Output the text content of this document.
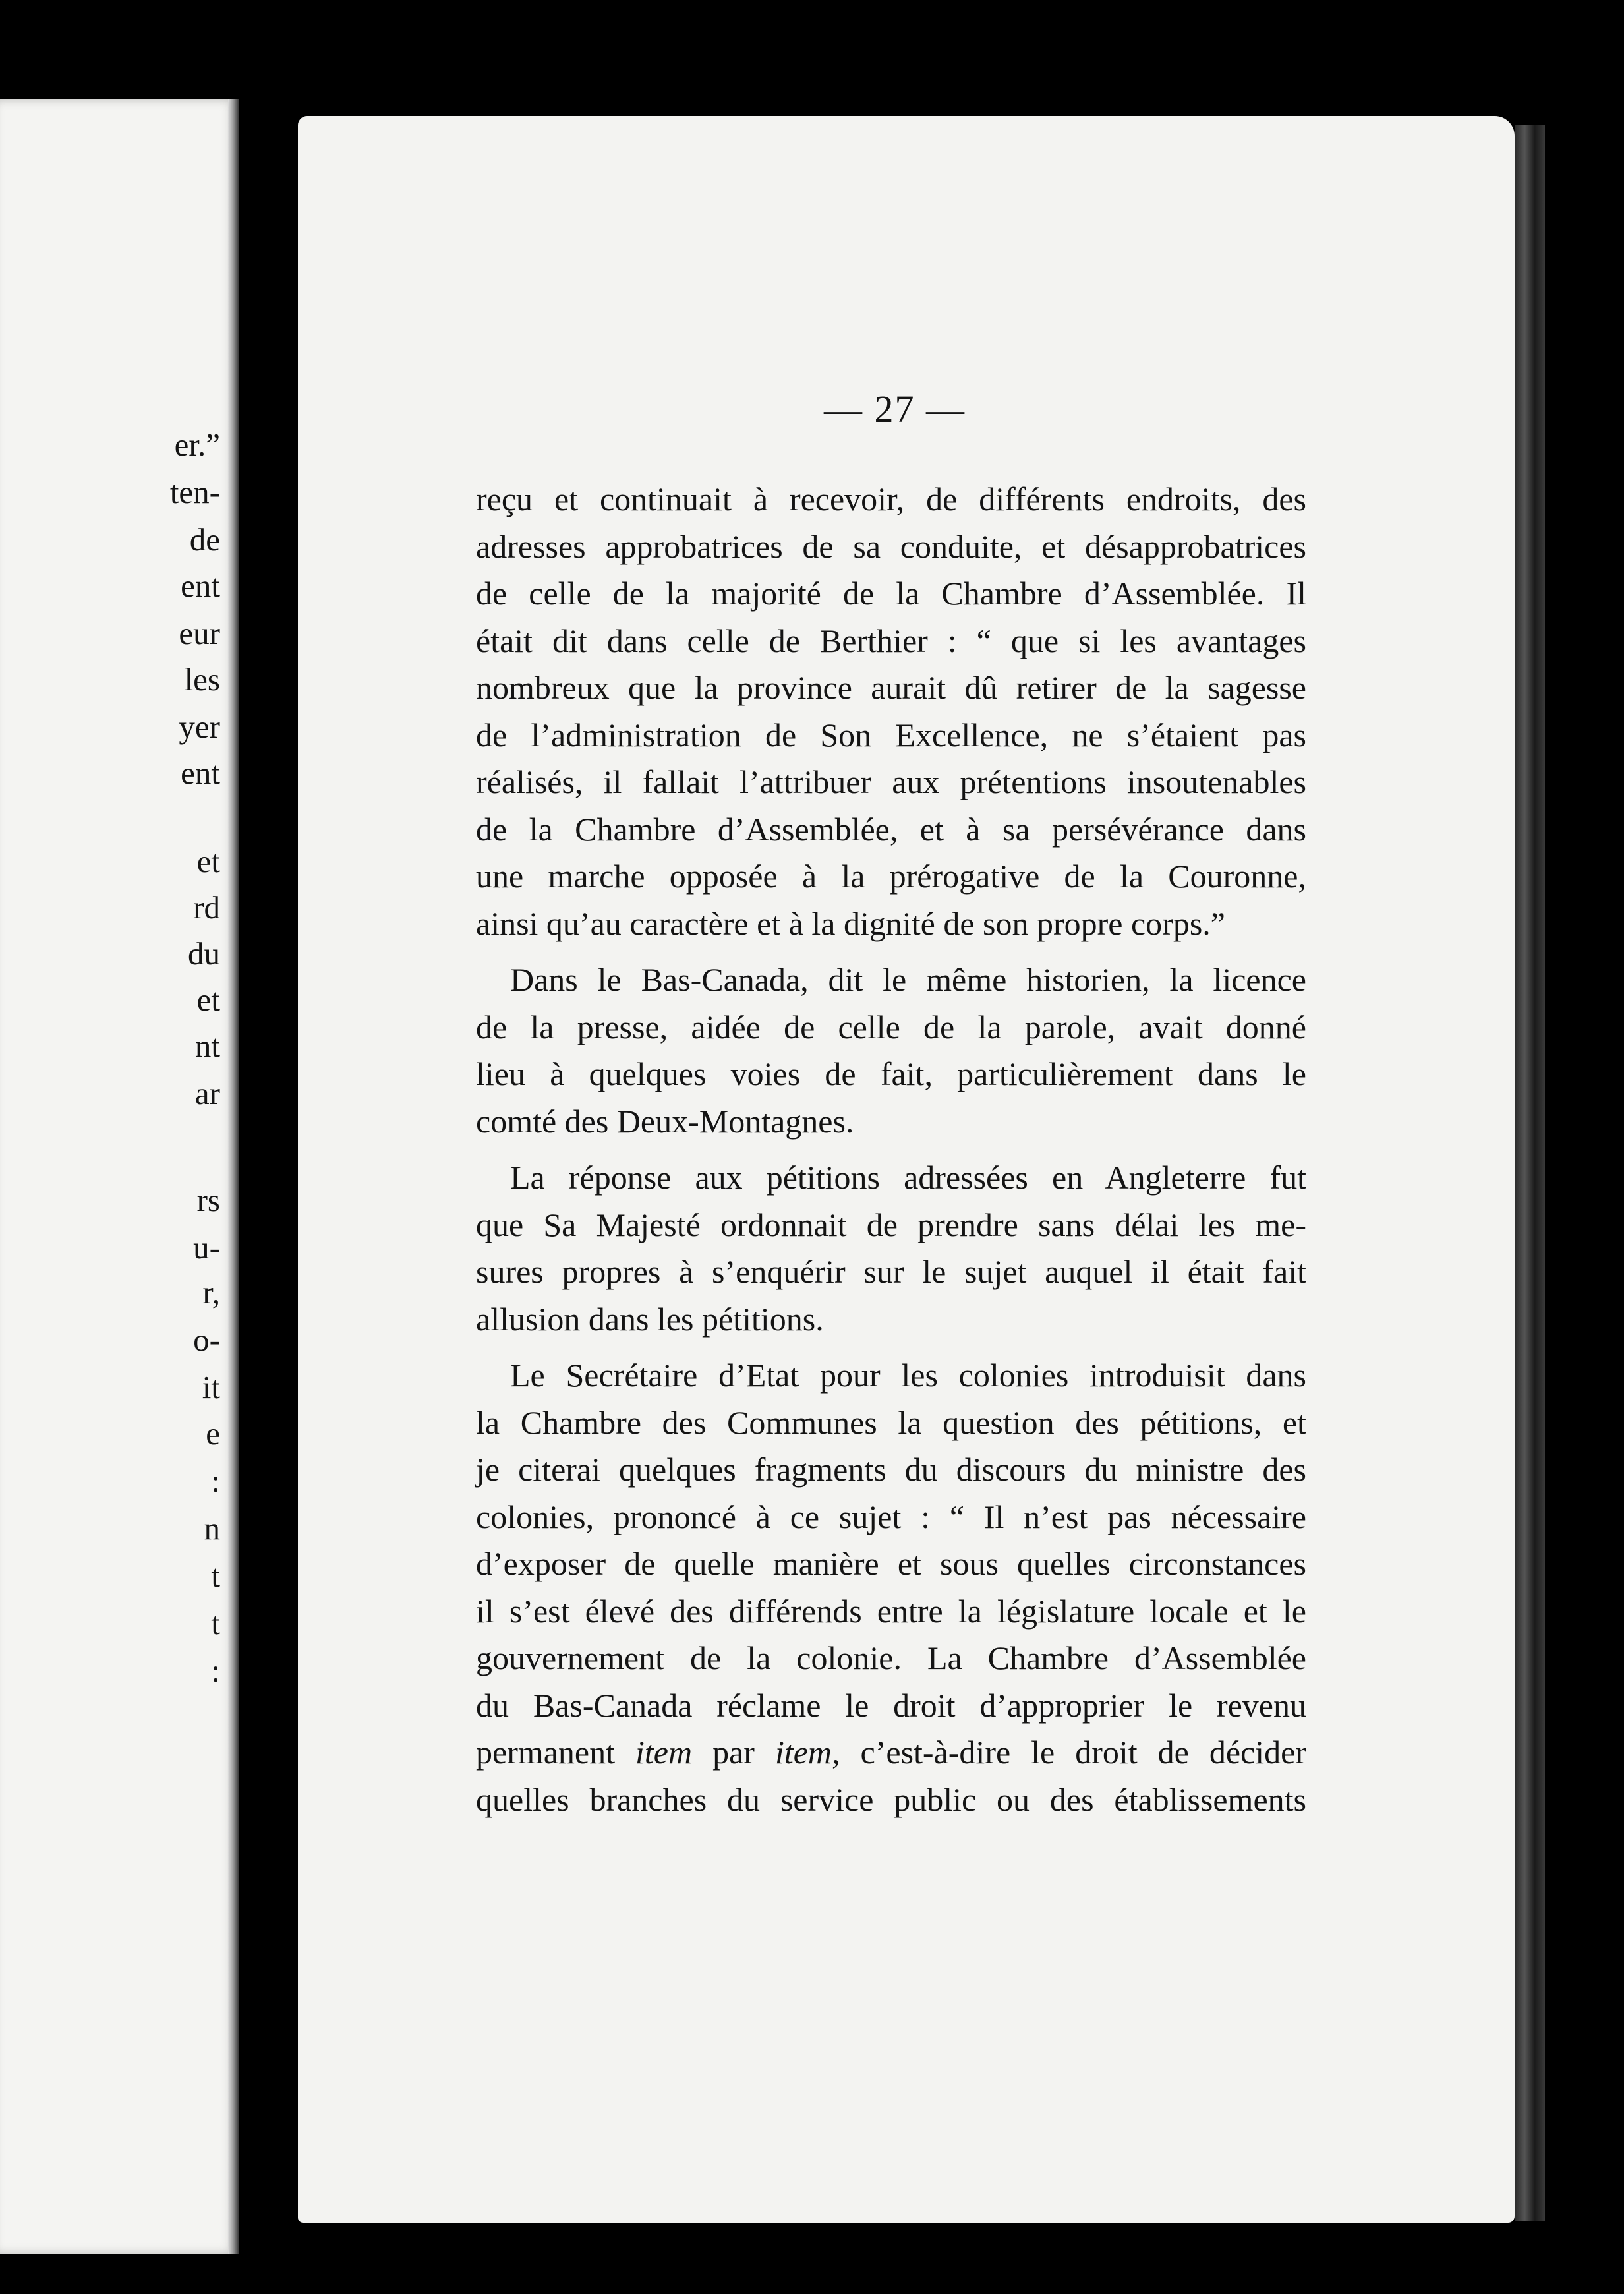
er.”
ten-
de
ent
eur
les
yer
ent
et
rd
du
et
nt
ar
rs
u-
r,
o-
it
e
:
n
t
t
:
— 27 —
reçu et continuait à recevoir, de différents endroits, des
adresses approbatrices de sa conduite, et désapprobatrices
de celle de la majorité de la Chambre d’Assemblée. Il
était dit dans celle de Berthier : “ que si les avantages
nombreux que la province aurait dû retirer de la sagesse
de l’administration de Son Excellence, ne s’étaient pas
réalisés, il fallait l’attribuer aux prétentions insoutenables
de la Chambre d’Assemblée, et à sa persévérance dans
une marche opposée à la prérogative de la Couronne,
ainsi qu’au caractère et à la dignité de son propre corps.”
Dans le Bas-Canada, dit le même historien, la licence
de la presse, aidée de celle de la parole, avait donné
lieu à quelques voies de fait, particulièrement dans le
comté des Deux-Montagnes.
La réponse aux pétitions adressées en Angleterre fut
que Sa Majesté ordonnait de prendre sans délai les me-
sures propres à s’enquérir sur le sujet auquel il était fait
allusion dans les pétitions.
Le Secrétaire d’Etat pour les colonies introduisit dans
la Chambre des Communes la question des pétitions, et
je citerai quelques fragments du discours du ministre des
colonies, prononcé à ce sujet : “ Il n’est pas nécessaire
d’exposer de quelle manière et sous quelles circonstances
il s’est élevé des différends entre la législature locale et le
gouvernement de la colonie. La Chambre d’Assemblée
du Bas-Canada réclame le droit d’approprier le revenu
permanent item par item, c’est-à-dire le droit de décider
quelles branches du service public ou des établissements
